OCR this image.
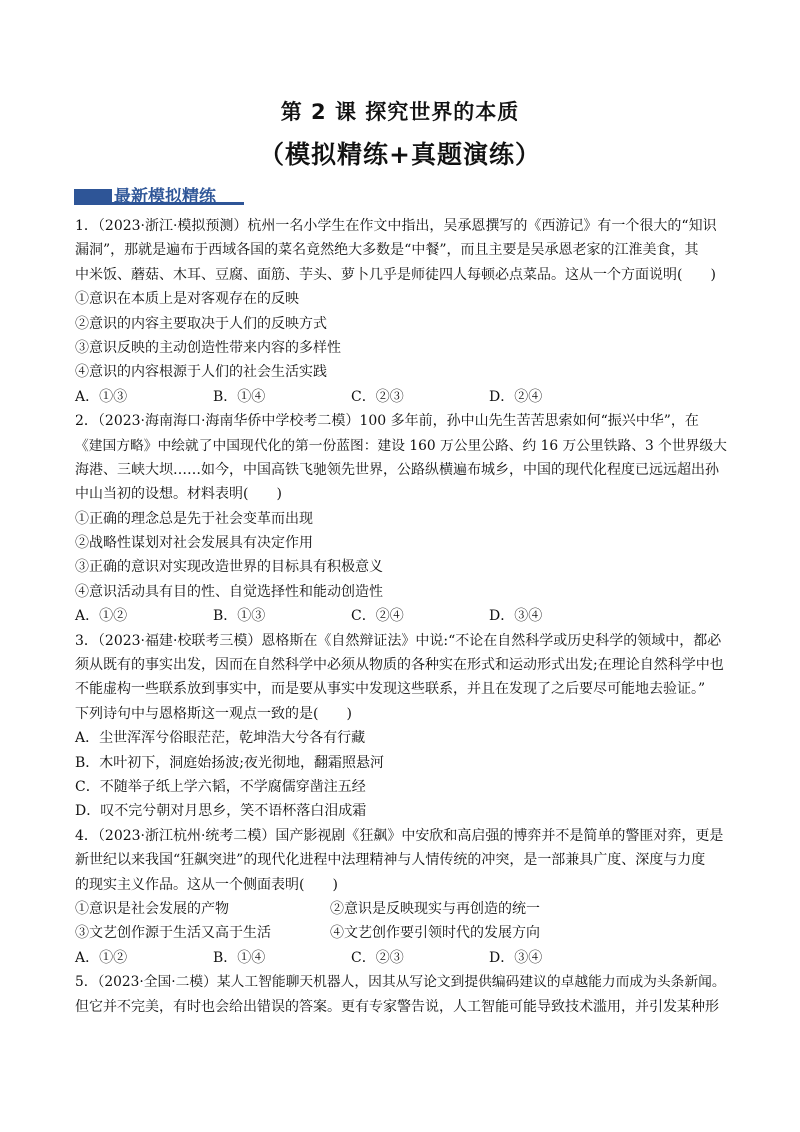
第 2 课 探究世界的本质
（模拟精练+真题演练）
最新模拟精练
1．（2023·浙江·模拟预测）杭州一名小学生在作文中指出，吴承恩撰写的《西游记》有一个很大的“知识
漏洞”，那就是遍布于西域各国的菜名竟然绝大多数是“中餐”，而且主要是吴承恩老家的江淮美食，其
中米饭、蘑菇、木耳、豆腐、面筋、芋头、萝卜几乎是师徒四人每顿必点菜品。这从一个方面说明(　　)
①意识在本质上是对客观存在的反映
②意识的内容主要取决于人们的反映方式
③意识反映的主动创造性带来内容的多样性
④意识的内容根源于人们的社会生活实践
A．①③	B．①④	C．②③	D．②④
2．（2023·海南海口·海南华侨中学校考二模）100 多年前，孙中山先生苦苦思索如何“振兴中华”，在
《建国方略》中绘就了中国现代化的第一份蓝图：建设 160 万公里公路、约 16 万公里铁路、3 个世界级大
海港、三峡大坝……如今，中国高铁飞驰领先世界，公路纵横遍布城乡，中国的现代化程度已远远超出孙
中山当初的设想。材料表明(　　)
①正确的理念总是先于社会变革而出现
②战略性谋划对社会发展具有决定作用
③正确的意识对实现改造世界的目标具有积极意义
④意识活动具有目的性、自觉选择性和能动创造性
A．①②	B．①③	C．②④	D．③④
3．（2023·福建·校联考三模）恩格斯在《自然辩证法》中说:“不论在自然科学或历史科学的领域中，都必
须从既有的事实出发，因而在自然科学中必须从物质的各种实在形式和运动形式出发;在理论自然科学中也
不能虚构一些联系放到事实中，而是要从事实中发现这些联系，并且在发现了之后要尽可能地去验证。”
下列诗句中与恩格斯这一观点一致的是(　　)
A．尘世浑浑兮俗眼茫茫，乾坤浩大兮各有行藏
B．木叶初下，洞庭始扬波;夜光彻地，翻霜照悬河
C．不随举子纸上学六韬，不学腐儒穿凿注五经
D．叹不完兮朝对月思乡，笑不语杯落白泪成霜
4．（2023·浙江杭州·统考二模）国产影视剧《狂飙》中安欣和高启强的博弈并不是简单的警匪对弈，更是
新世纪以来我国“狂飙突进”的现代化进程中法理精神与人情传统的冲突，是一部兼具广度、深度与力度
的现实主义作品。这从一个侧面表明(　　)
①意识是社会发展的产物	②意识是反映现实与再创造的统一
③文艺创作源于生活又高于生活	④文艺创作要引领时代的发展方向
A．①②	B．①④	C．②③	D．③④
5．（2023·全国·二模）某人工智能聊天机器人，因其从写论文到提供编码建议的卓越能力而成为头条新闻。
但它并不完美，有时也会给出错误的答案。更有专家警告说，人工智能可能导致技术滥用，并引发某种形
